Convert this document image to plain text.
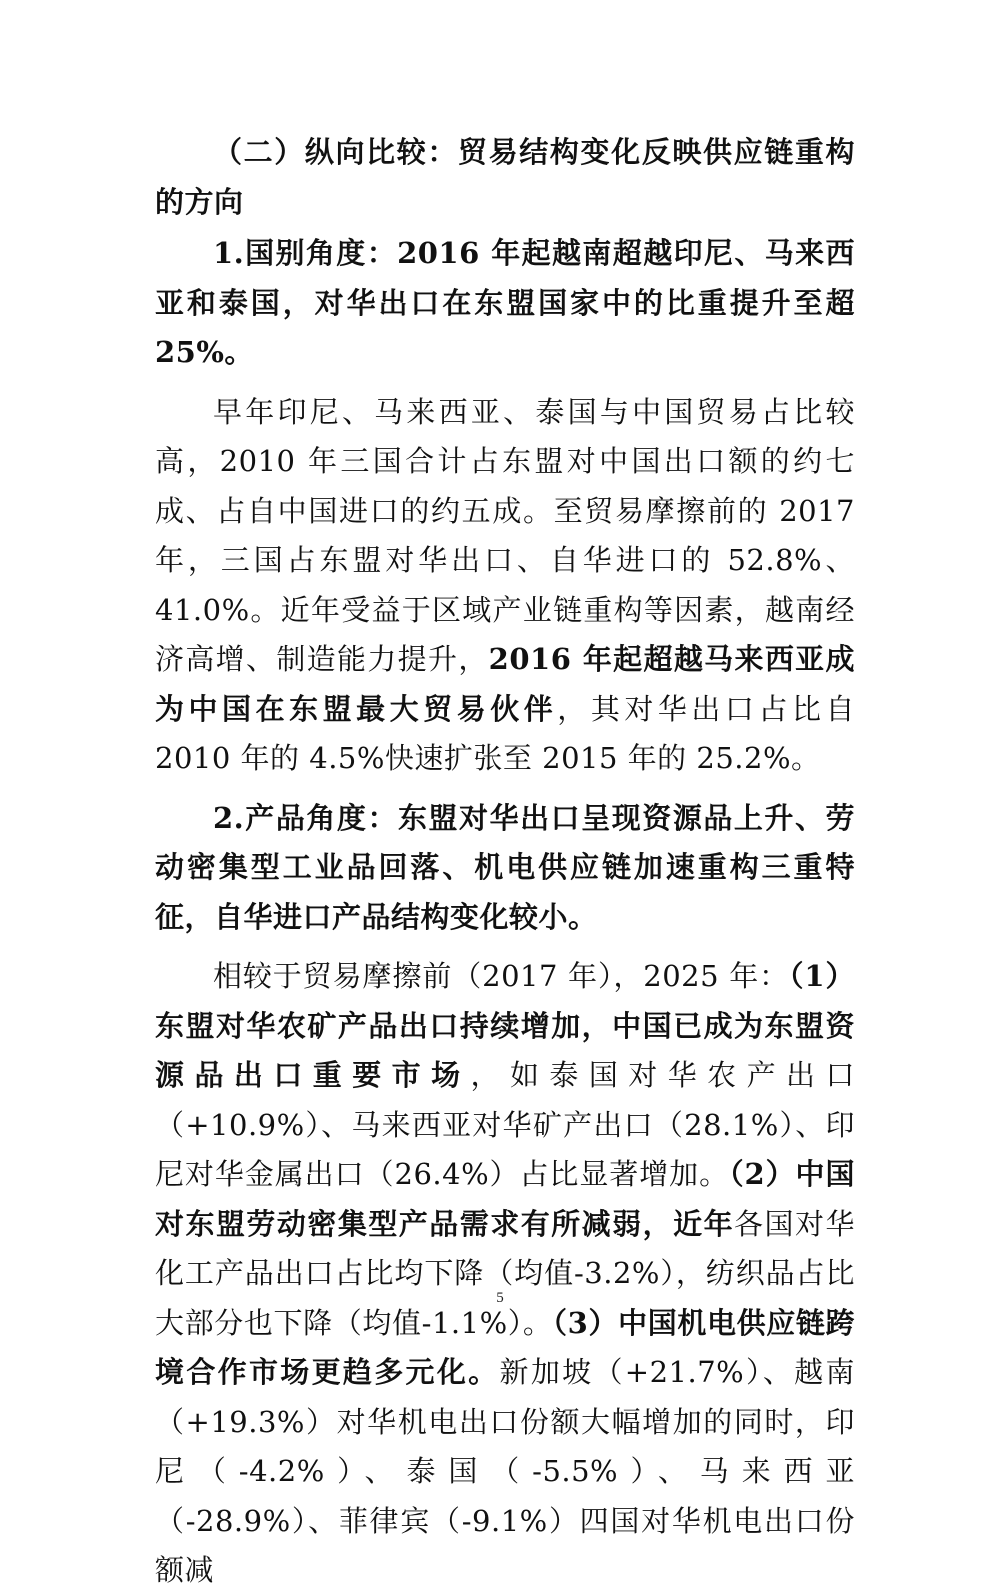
（二）纵向比较：贸易结构变化反映供应链重构的方向

1.国别角度：2016 年起越南超越印尼、马来西亚和泰国，对华出口在东盟国家中的比重提升至超 25%。

早年印尼、马来西亚、泰国与中国贸易占比较高，2010 年三国合计占东盟对中国出口额的约七成、占自中国进口的约五成。至贸易摩擦前的 2017 年，三国占东盟对华出口、自华进口的 52.8%、41.0%。近年受益于区域产业链重构等因素，越南经济高增、制造能力提升，2016 年起超越马来西亚成为中国在东盟最大贸易伙伴，其对华出口占比自 2010 年的 4.5%快速扩张至 2015 年的 25.2%。

2.产品角度：东盟对华出口呈现资源品上升、劳动密集型工业品回落、机电供应链加速重构三重特征，自华进口产品结构变化较小。

相较于贸易摩擦前（2017 年），2025 年：（1）东盟对华农矿产品出口持续增加，中国已成为东盟资源品出口重要市场，如泰国对华农产出口（+10.9%）、马来西亚对华矿产出口（28.1%）、印尼对华金属出口（26.4%）占比显著增加。（2）中国对东盟劳动密集型产品需求有所减弱，近年各国对华化工产品出口占比均下降（均值-3.2%），纺织品占比大部分也下降（均值-1.1%）。（3）中国机电供应链跨境合作市场更趋多元化。新加坡（+21.7%）、越南（+19.3%）对华机电出口份额大幅增加的同时，印尼（-4.2%）、泰国（-5.5%）、马来西亚（-28.9%）、菲律宾（-9.1%）四国对华机电出口份额减

5
